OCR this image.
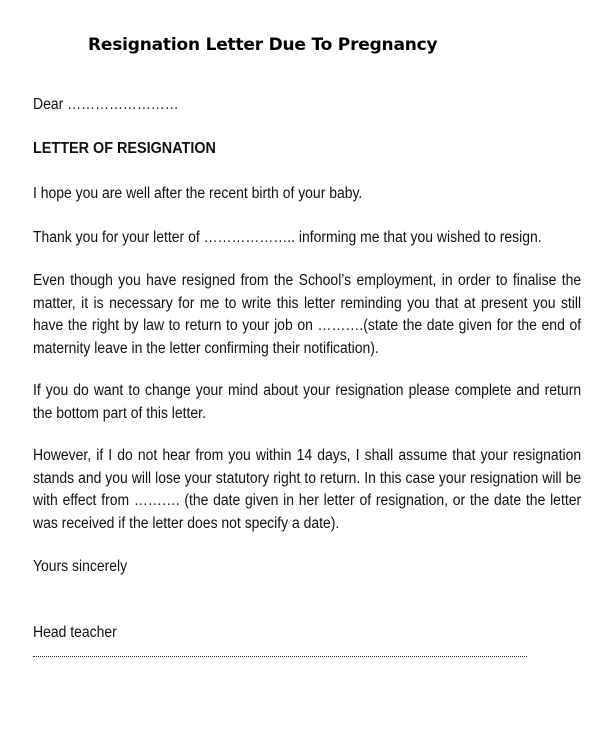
Resignation Letter Due To Pregnancy
Dear ……………………
LETTER OF RESIGNATION
I hope you are well after the recent birth of your baby.
Thank you for your letter of ……………….. informing me that you wished to resign.
Even though you have resigned from the School’s employment, in order to finalise the matter, it is necessary for me to write this letter reminding you that at present you still have the right by law to return to your job on ……….(state the date given for the end of maternity leave in the letter confirming their notification).
If you do want to change your mind about your resignation please complete and return the bottom part of this letter.
However, if I do not hear from you within 14 days, I shall assume that your resignation stands and you will lose your statutory right to return. In this case your resignation will be with effect from ………. (the date given in her letter of resignation, or the date the letter was received if the letter does not specify a date).
Yours sincerely
Head teacher
